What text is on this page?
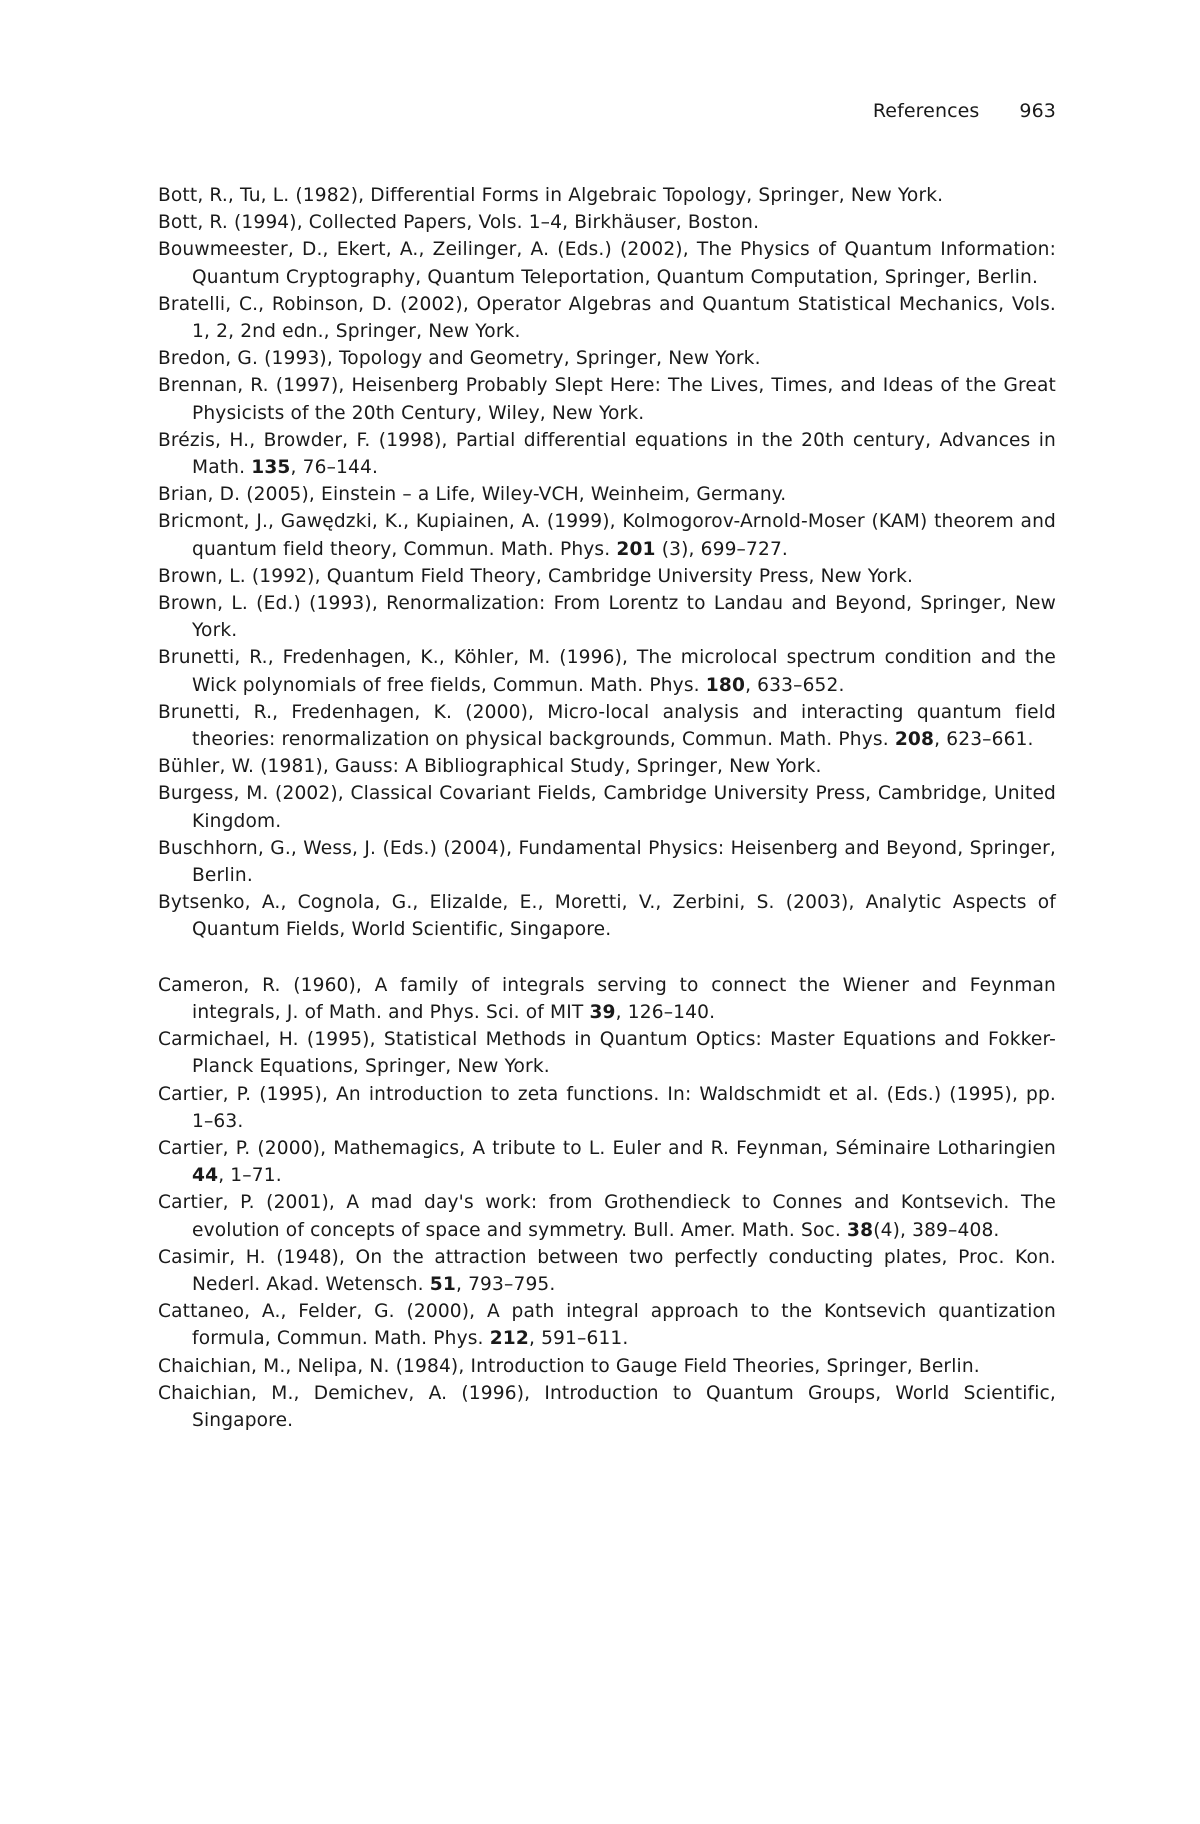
References 963
Bott, R., Tu, L. (1982), Differential Forms in Algebraic Topology, Springer, New York.
Bott, R. (1994), Collected Papers, Vols. 1–4, Birkhäuser, Boston.
Bouwmeester, D., Ekert, A., Zeilinger, A. (Eds.) (2002), The Physics of Quantum Information: Quantum Cryptography, Quantum Teleportation, Quantum Computation, Springer, Berlin.
Bratelli, C., Robinson, D. (2002), Operator Algebras and Quantum Statistical Mechanics, Vols. 1, 2, 2nd edn., Springer, New York.
Bredon, G. (1993), Topology and Geometry, Springer, New York.
Brennan, R. (1997), Heisenberg Probably Slept Here: The Lives, Times, and Ideas of the Great Physicists of the 20th Century, Wiley, New York.
Brézis, H., Browder, F. (1998), Partial differential equations in the 20th century, Advances in Math. 135, 76–144.
Brian, D. (2005), Einstein – a Life, Wiley-VCH, Weinheim, Germany.
Bricmont, J., Gawędzki, K., Kupiainen, A. (1999), Kolmogorov-Arnold-Moser (KAM) theorem and quantum field theory, Commun. Math. Phys. 201 (3), 699–727.
Brown, L. (1992), Quantum Field Theory, Cambridge University Press, New York.
Brown, L. (Ed.) (1993), Renormalization: From Lorentz to Landau and Beyond, Springer, New York.
Brunetti, R., Fredenhagen, K., Köhler, M. (1996), The microlocal spectrum condition and the Wick polynomials of free fields, Commun. Math. Phys. 180, 633–652.
Brunetti, R., Fredenhagen, K. (2000), Micro-local analysis and interacting quantum field theories: renormalization on physical backgrounds, Commun. Math. Phys. 208, 623–661.
Bühler, W. (1981), Gauss: A Bibliographical Study, Springer, New York.
Burgess, M. (2002), Classical Covariant Fields, Cambridge University Press, Cambridge, United Kingdom.
Buschhorn, G., Wess, J. (Eds.) (2004), Fundamental Physics: Heisenberg and Beyond, Springer, Berlin.
Bytsenko, A., Cognola, G., Elizalde, E., Moretti, V., Zerbini, S. (2003), Analytic Aspects of Quantum Fields, World Scientific, Singapore.
Cameron, R. (1960), A family of integrals serving to connect the Wiener and Feynman integrals, J. of Math. and Phys. Sci. of MIT 39, 126–140.
Carmichael, H. (1995), Statistical Methods in Quantum Optics: Master Equations and Fokker-Planck Equations, Springer, New York.
Cartier, P. (1995), An introduction to zeta functions. In: Waldschmidt et al. (Eds.) (1995), pp. 1–63.
Cartier, P. (2000), Mathemagics, A tribute to L. Euler and R. Feynman, Séminaire Lotharingien 44, 1–71.
Cartier, P. (2001), A mad day's work: from Grothendieck to Connes and Kontsevich. The evolution of concepts of space and symmetry. Bull. Amer. Math. Soc. 38(4), 389–408.
Casimir, H. (1948), On the attraction between two perfectly conducting plates, Proc. Kon. Nederl. Akad. Wetensch. 51, 793–795.
Cattaneo, A., Felder, G. (2000), A path integral approach to the Kontsevich quantization formula, Commun. Math. Phys. 212, 591–611.
Chaichian, M., Nelipa, N. (1984), Introduction to Gauge Field Theories, Springer, Berlin.
Chaichian, M., Demichev, A. (1996), Introduction to Quantum Groups, World Scientific, Singapore.
